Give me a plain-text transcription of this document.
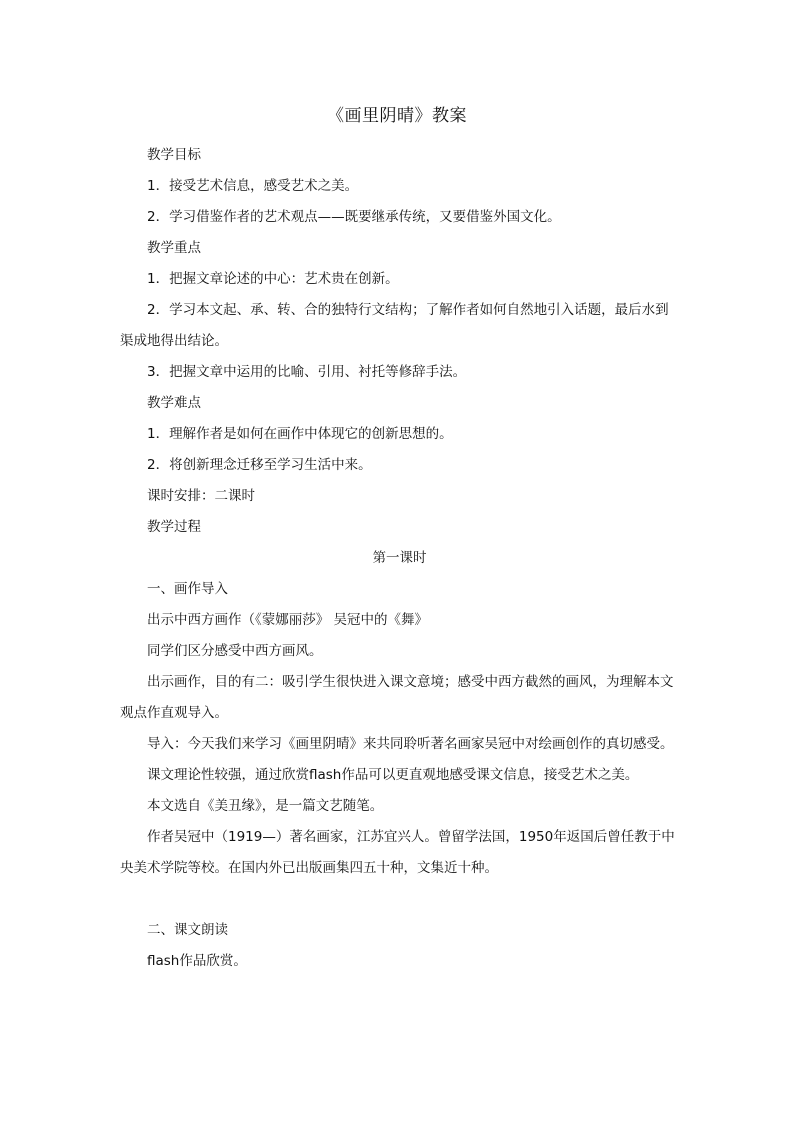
《画里阴晴》教案

教学目标

1．接受艺术信息，感受艺术之美。

2．学习借鉴作者的艺术观点——既要继承传统，又要借鉴外国文化。

教学重点

1．把握文章论述的中心：艺术贵在创新。

2．学习本文起、承、转、合的独特行文结构；了解作者如何自然地引入话题，最后水到渠成地得出结论。

3．把握文章中运用的比喻、引用、衬托等修辞手法。

教学难点

1．理解作者是如何在画作中体现它的创新思想的。

2．将创新理念迁移至学习生活中来。

课时安排：二课时

教学过程

第一课时

一、画作导入

出示中西方画作（《蒙娜丽莎》 吴冠中的《舞》

同学们区分感受中西方画风。

出示画作，目的有二：吸引学生很快进入课文意境；感受中西方截然的画风，为理解本文观点作直观导入。

导入：今天我们来学习《画里阴晴》来共同聆听著名画家吴冠中对绘画创作的真切感受。

课文理论性较强，通过欣赏flash作品可以更直观地感受课文信息，接受艺术之美。

本文选自《美丑缘》，是一篇文艺随笔。

作者吴冠中（1919—）著名画家，江苏宜兴人。曾留学法国，1950年返国后曾任教于中央美术学院等校。在国内外已出版画集四五十种，文集近十种。

二、课文朗读

flash作品欣赏。
